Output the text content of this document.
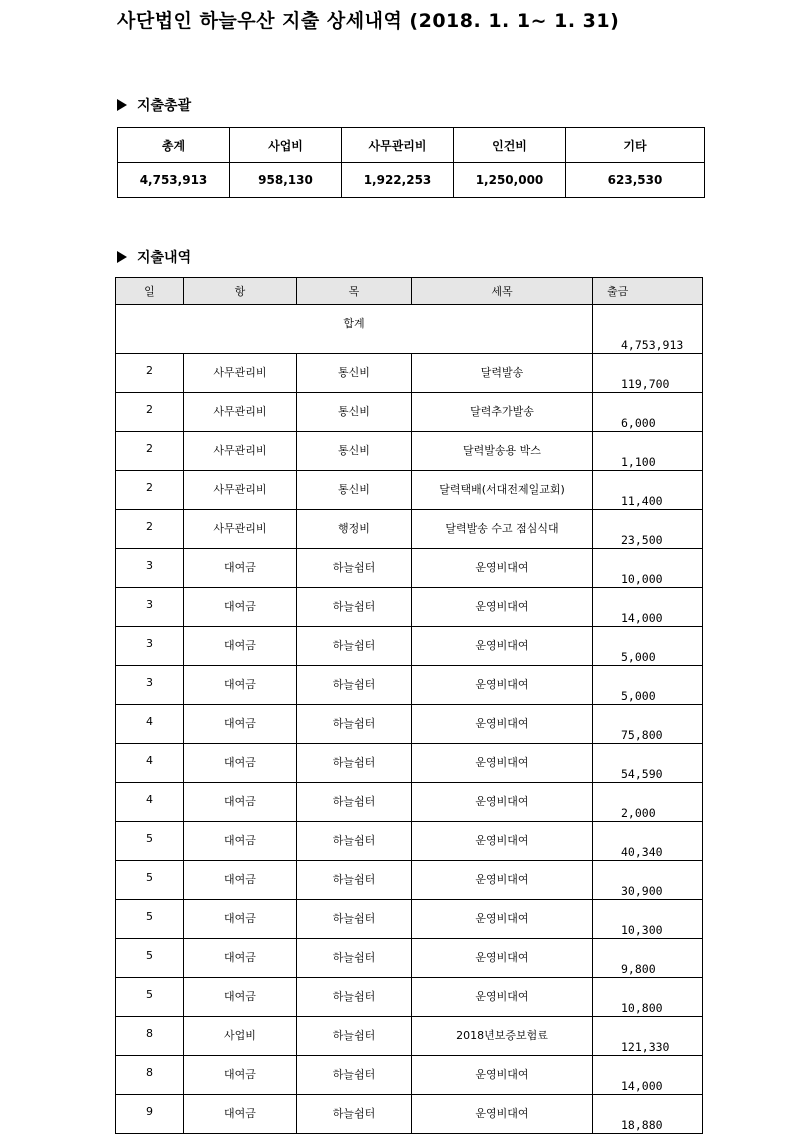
사단법인 하늘우산 지출 상세내역 (2018. 1. 1~ 1. 31)
지출총괄
총계	사업비	사무관리비	인건비	기타
4,753,913	958,130	1,922,253	1,250,000	623,530
지출내역
일	항	목	세목	출금
합계				4,753,913
2	사무관리비	통신비	달력발송	119,700
2	사무관리비	통신비	달력추가발송	6,000
2	사무관리비	통신비	달력발송용 박스	1,100
2	사무관리비	통신비	달력택배(서대전제일교회)	11,400
2	사무관리비	행정비	달력발송 수고 점심식대	23,500
3	대여금	하늘쉼터	운영비대여	10,000
3	대여금	하늘쉼터	운영비대여	14,000
3	대여금	하늘쉼터	운영비대여	5,000
3	대여금	하늘쉼터	운영비대여	5,000
4	대여금	하늘쉼터	운영비대여	75,800
4	대여금	하늘쉼터	운영비대여	54,590
4	대여금	하늘쉼터	운영비대여	2,000
5	대여금	하늘쉼터	운영비대여	40,340
5	대여금	하늘쉼터	운영비대여	30,900
5	대여금	하늘쉼터	운영비대여	10,300
5	대여금	하늘쉼터	운영비대여	9,800
5	대여금	하늘쉼터	운영비대여	10,800
8	사업비	하늘쉼터	2018년보증보험료	121,330
8	대여금	하늘쉼터	운영비대여	14,000
9	대여금	하늘쉼터	운영비대여	18,880
